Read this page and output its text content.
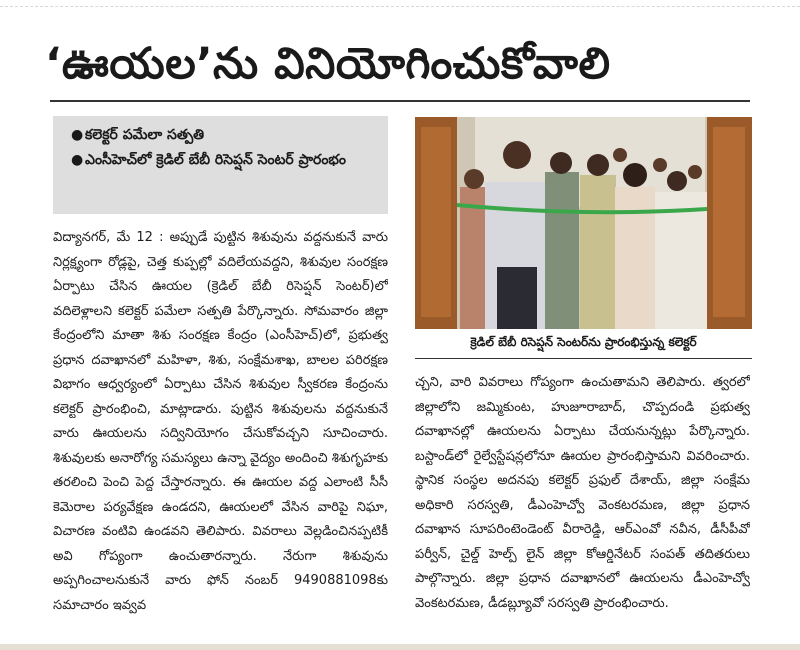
‘ఊయల’ను వినియోగించుకోవాలి
● కలెక్టర్ పమేలా సత్పతి
● ఎంసీహెచ్‌లో క్రెడిల్ బేబీ రిసెప్షన్ సెంటర్ ప్రారంభం
విద్యానగర్, మే 12 : అప్పుడే పుట్టిన శిశువును వద్దనుకునే వారు నిర్లక్ష్యంగా రోడ్లపై, చెత్త కుప్పల్లో వదిలేయవద్దని, శిశువుల సంరక్షణ ఏర్పాటు చేసిన ఊయల (క్రెడిల్ బేబీ రిసెప్షన్ సెంటర్)లో వదిలెళ్లాలని కలెక్టర్ పమేలా సత్పతి పేర్కొన్నారు. సోమవారం జిల్లా కేంద్రంలోని మాతా శిశు సంరక్షణ కేంద్రం (ఎంసీహెచ్)లో, ప్రభుత్వ ప్రధాన దవాఖానలో మహిళా, శిశు, సంక్షేమశాఖ, బాలల పరిరక్షణ విభాగం ఆధ్వర్యంలో ఏర్పాటు చేసిన శిశువుల స్వీకరణ కేంద్రంను కలెక్టర్ ప్రారంభించి, మాట్లాడారు. పుట్టిన శిశువులను వద్దనుకునే వారు ఊయలను సద్వినియోగం చేసుకోవచ్చని సూచించారు. శిశువులకు అనారోగ్య సమస్యలు ఉన్నా వైద్యం అందించి శిశుగృహకు తరలించి పెంచి పెద్ద చేస్తారన్నారు. ఈ ఊయల వద్ద ఎలాంటి సీసీ కెమెరాల పర్యవేక్షణ ఉండదని, ఊయలలో వేసిన వారిపై నిఘా, విచారణ వంటివి ఉండవని తెలిపారు. వివరాలు వెల్లడించినప్పటికీ అవి గోప్యంగా ఉంచుతారన్నారు. నేరుగా శిశువును అప్పగించాలనుకునే వారు ఫోన్ నంబర్ 9490881098కు సమాచారం ఇవ్వవ
క్రెడిల్ బేబీ రిసెప్షన్ సెంటర్‌ను ప్రారంభిస్తున్న కలెక్టర్
చ్చని, వారి వివరాలు గోప్యంగా ఉంచుతామని తెలిపారు. త్వరలో జిల్లాలోని జమ్మికుంట, హుజూరాబాద్, చొప్పదండి ప్రభుత్వ దవాఖానల్లో ఊయలను ఏర్పాటు చేయనున్నట్లు పేర్కొన్నారు. బస్టాండ్‌లో రైల్వేస్టేషన్లలోనూ ఊయల ప్రారంభిస్తామని వివరించారు. స్థానిక సంస్థల అదనపు కలెక్టర్ ప్రఫుల్ దేశాయ్, జిల్లా సంక్షేమ అధికారి సరస్వతి, డీఎంహెచ్వో వెంకటరమణ, జిల్లా ప్రధాన దవాఖాన సూపరింటెండెంట్ వీరారెడ్డి, ఆర్ఎంవో నవీన, డీసీపీవో పర్వీన్, చైల్డ్ హెల్ప్ లైన్ జిల్లా కోఆర్డినేటర్ సంపత్ తదితరులు పాల్గొన్నారు. జిల్లా ప్రధాన దవాఖానలో ఊయలను డీఎంహెచ్వో వెంకటరమణ, డీడబ్ల్యూవో సరస్వతి ప్రారంభించారు.
